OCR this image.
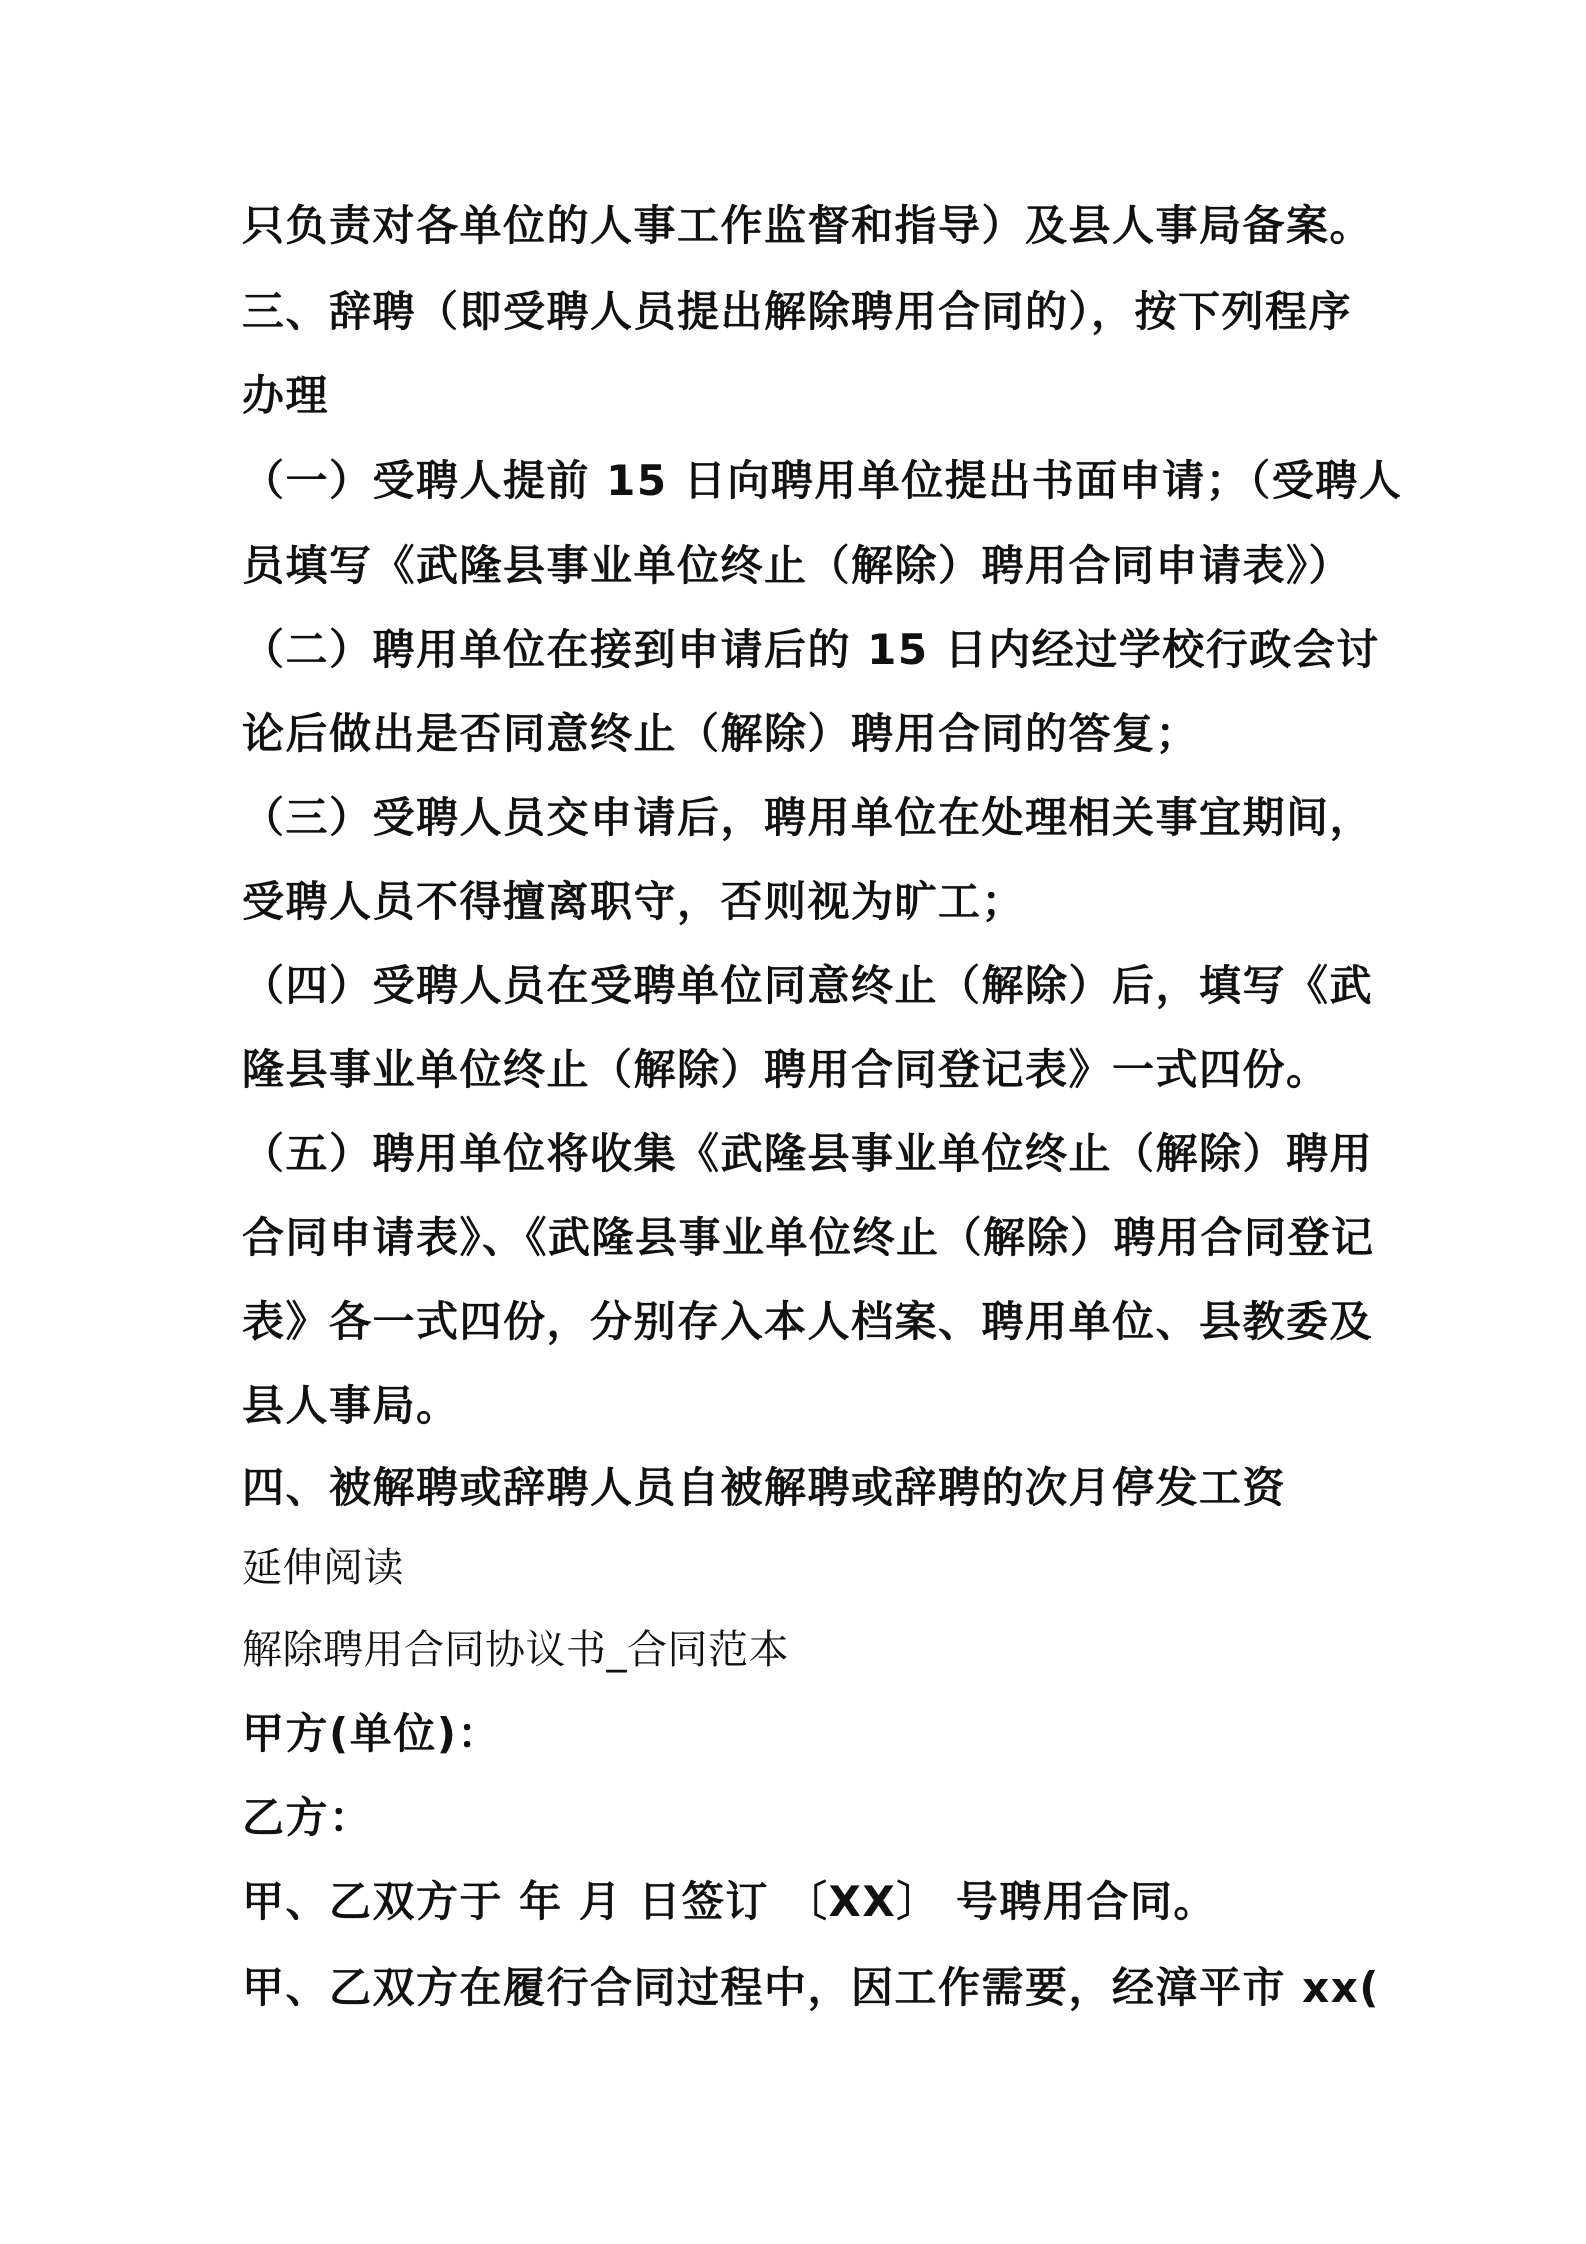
只负责对各单位的人事工作监督和指导）及县人事局备案。
三、辞聘（即受聘人员提出解除聘用合同的），按下列程序
办理
（一）受聘人提前 15 日向聘用单位提出书面申请；（受聘人
员填写《武隆县事业单位终止（解除）聘用合同申请表》）
（二）聘用单位在接到申请后的 15 日内经过学校行政会讨
论后做出是否同意终止（解除）聘用合同的答复；
（三）受聘人员交申请后，聘用单位在处理相关事宜期间，
受聘人员不得擅离职守，否则视为旷工；
（四）受聘人员在受聘单位同意终止（解除）后，填写《武
隆县事业单位终止（解除）聘用合同登记表》一式四份。
（五）聘用单位将收集《武隆县事业单位终止（解除）聘用
合同申请表》、《武隆县事业单位终止（解除）聘用合同登记
表》各一式四份，分别存入本人档案、聘用单位、县教委及
县人事局。
四、被解聘或辞聘人员自被解聘或辞聘的次月停发工资
延伸阅读
解除聘用合同协议书_合同范本
甲方(单位)：
乙方：
甲、乙双方于 年 月 日签订 〔XX〕 号聘用合同。
甲、乙双方在履行合同过程中，因工作需要，经漳平市 xx(
